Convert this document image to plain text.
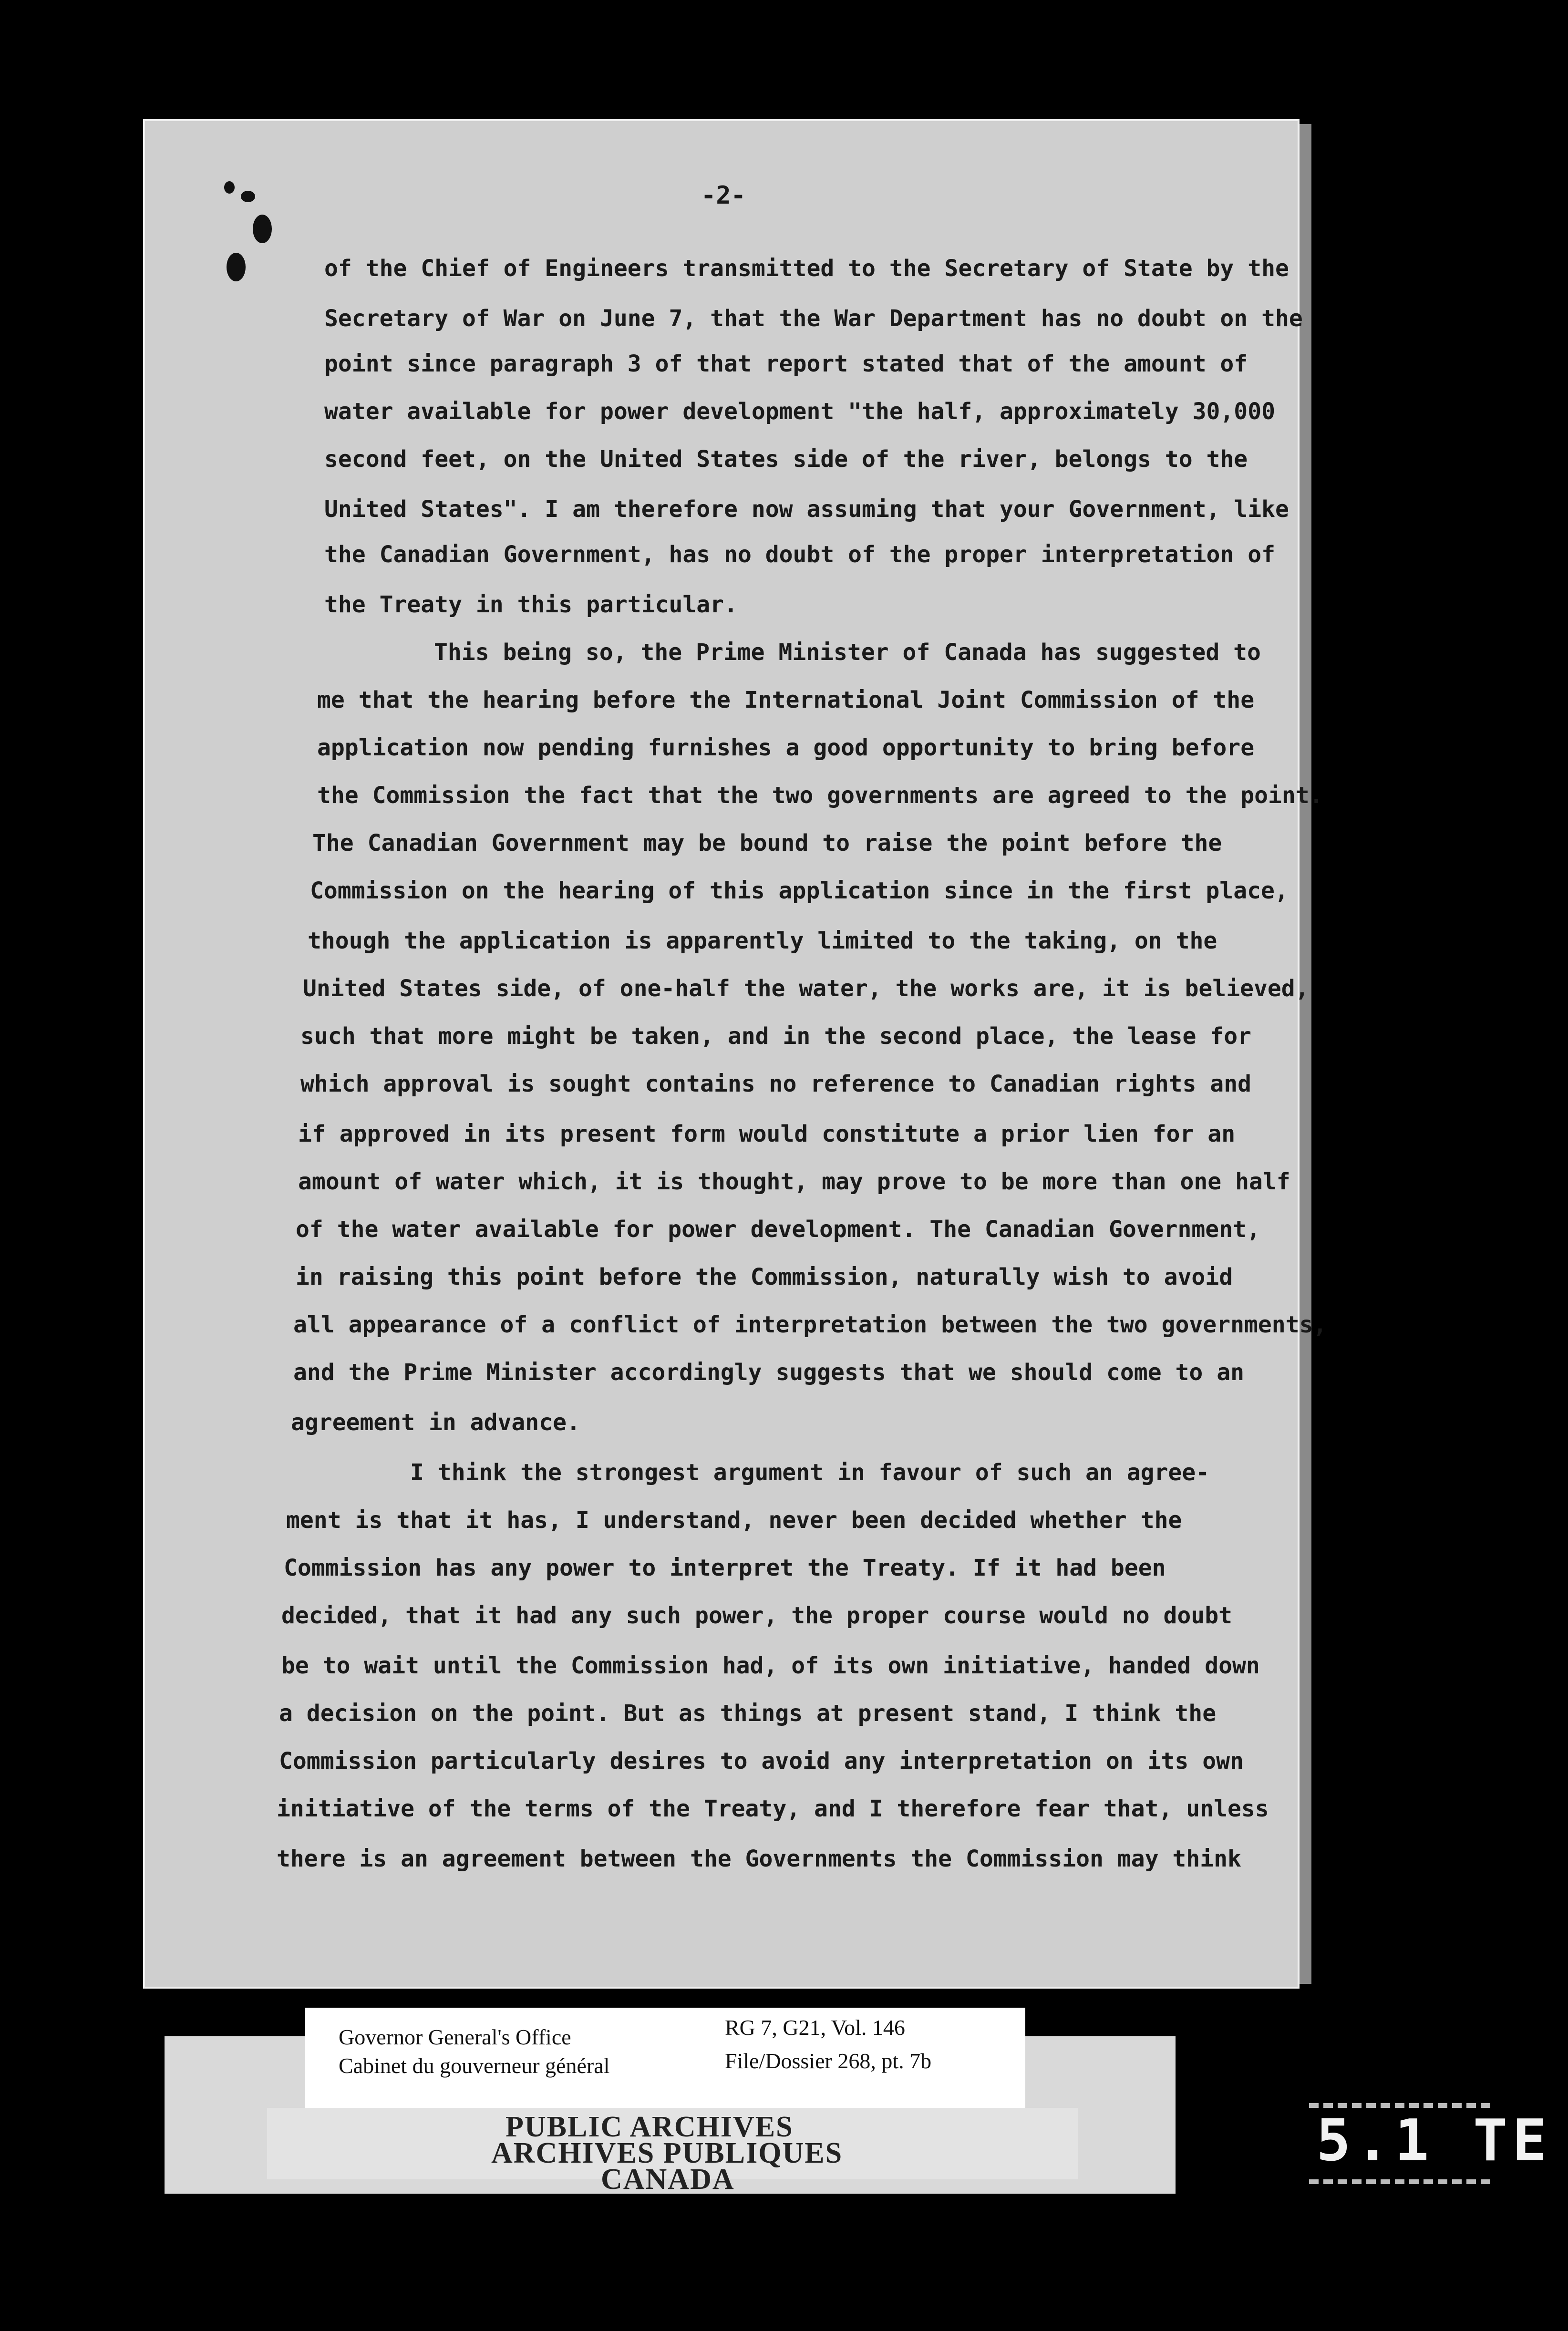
-2-
of the Chief of Engineers transmitted to the Secretary of State by the
Secretary of War on June 7, that the War Department has no doubt on the
point since paragraph 3 of that report stated that of the amount of
water available for power development "the half, approximately 30,000
second feet, on the United States side of the river, belongs to the
United States". I am therefore now assuming that your Government, like
the Canadian Government, has no doubt of the proper interpretation of
the Treaty in this particular.
This being so, the Prime Minister of Canada has suggested to
me that the hearing before the International Joint Commission of the
application now pending furnishes a good opportunity to bring before
the Commission the fact that the two governments are agreed to the point.
The Canadian Government may be bound to raise the point before the
Commission on the hearing of this application since in the first place,
though the application is apparently limited to the taking, on the
United States side, of one-half the water, the works are, it is believed,
such that more might be taken, and in the second place, the lease for
which approval is sought contains no reference to Canadian rights and
if approved in its present form would constitute a prior lien for an
amount of water which, it is thought, may prove to be more than one half
of the water available for power development. The Canadian Government,
in raising this point before the Commission, naturally wish to avoid
all appearance of a conflict of interpretation between the two governments,
and the Prime Minister accordingly suggests that we should come to an
agreement in advance.
I think the strongest argument in favour of such an agree-
ment is that it has, I understand, never been decided whether the
Commission has any power to interpret the Treaty. If it had been
decided, that it had any such power, the proper course would no doubt
be to wait until the Commission had, of its own initiative, handed down
a decision on the point. But as things at present stand, I think the
Commission particularly desires to avoid any interpretation on its own
initiative of the terms of the Treaty, and I therefore fear that, unless
there is an agreement between the Governments the Commission may think
Governor General's Office
Cabinet du gouverneur général
RG 7, G21, Vol. 146
File/Dossier 268, pt. 7b
PUBLIC ARCHIVES
ARCHIVES PUBLIQUES
CANADA
5.1 TE
